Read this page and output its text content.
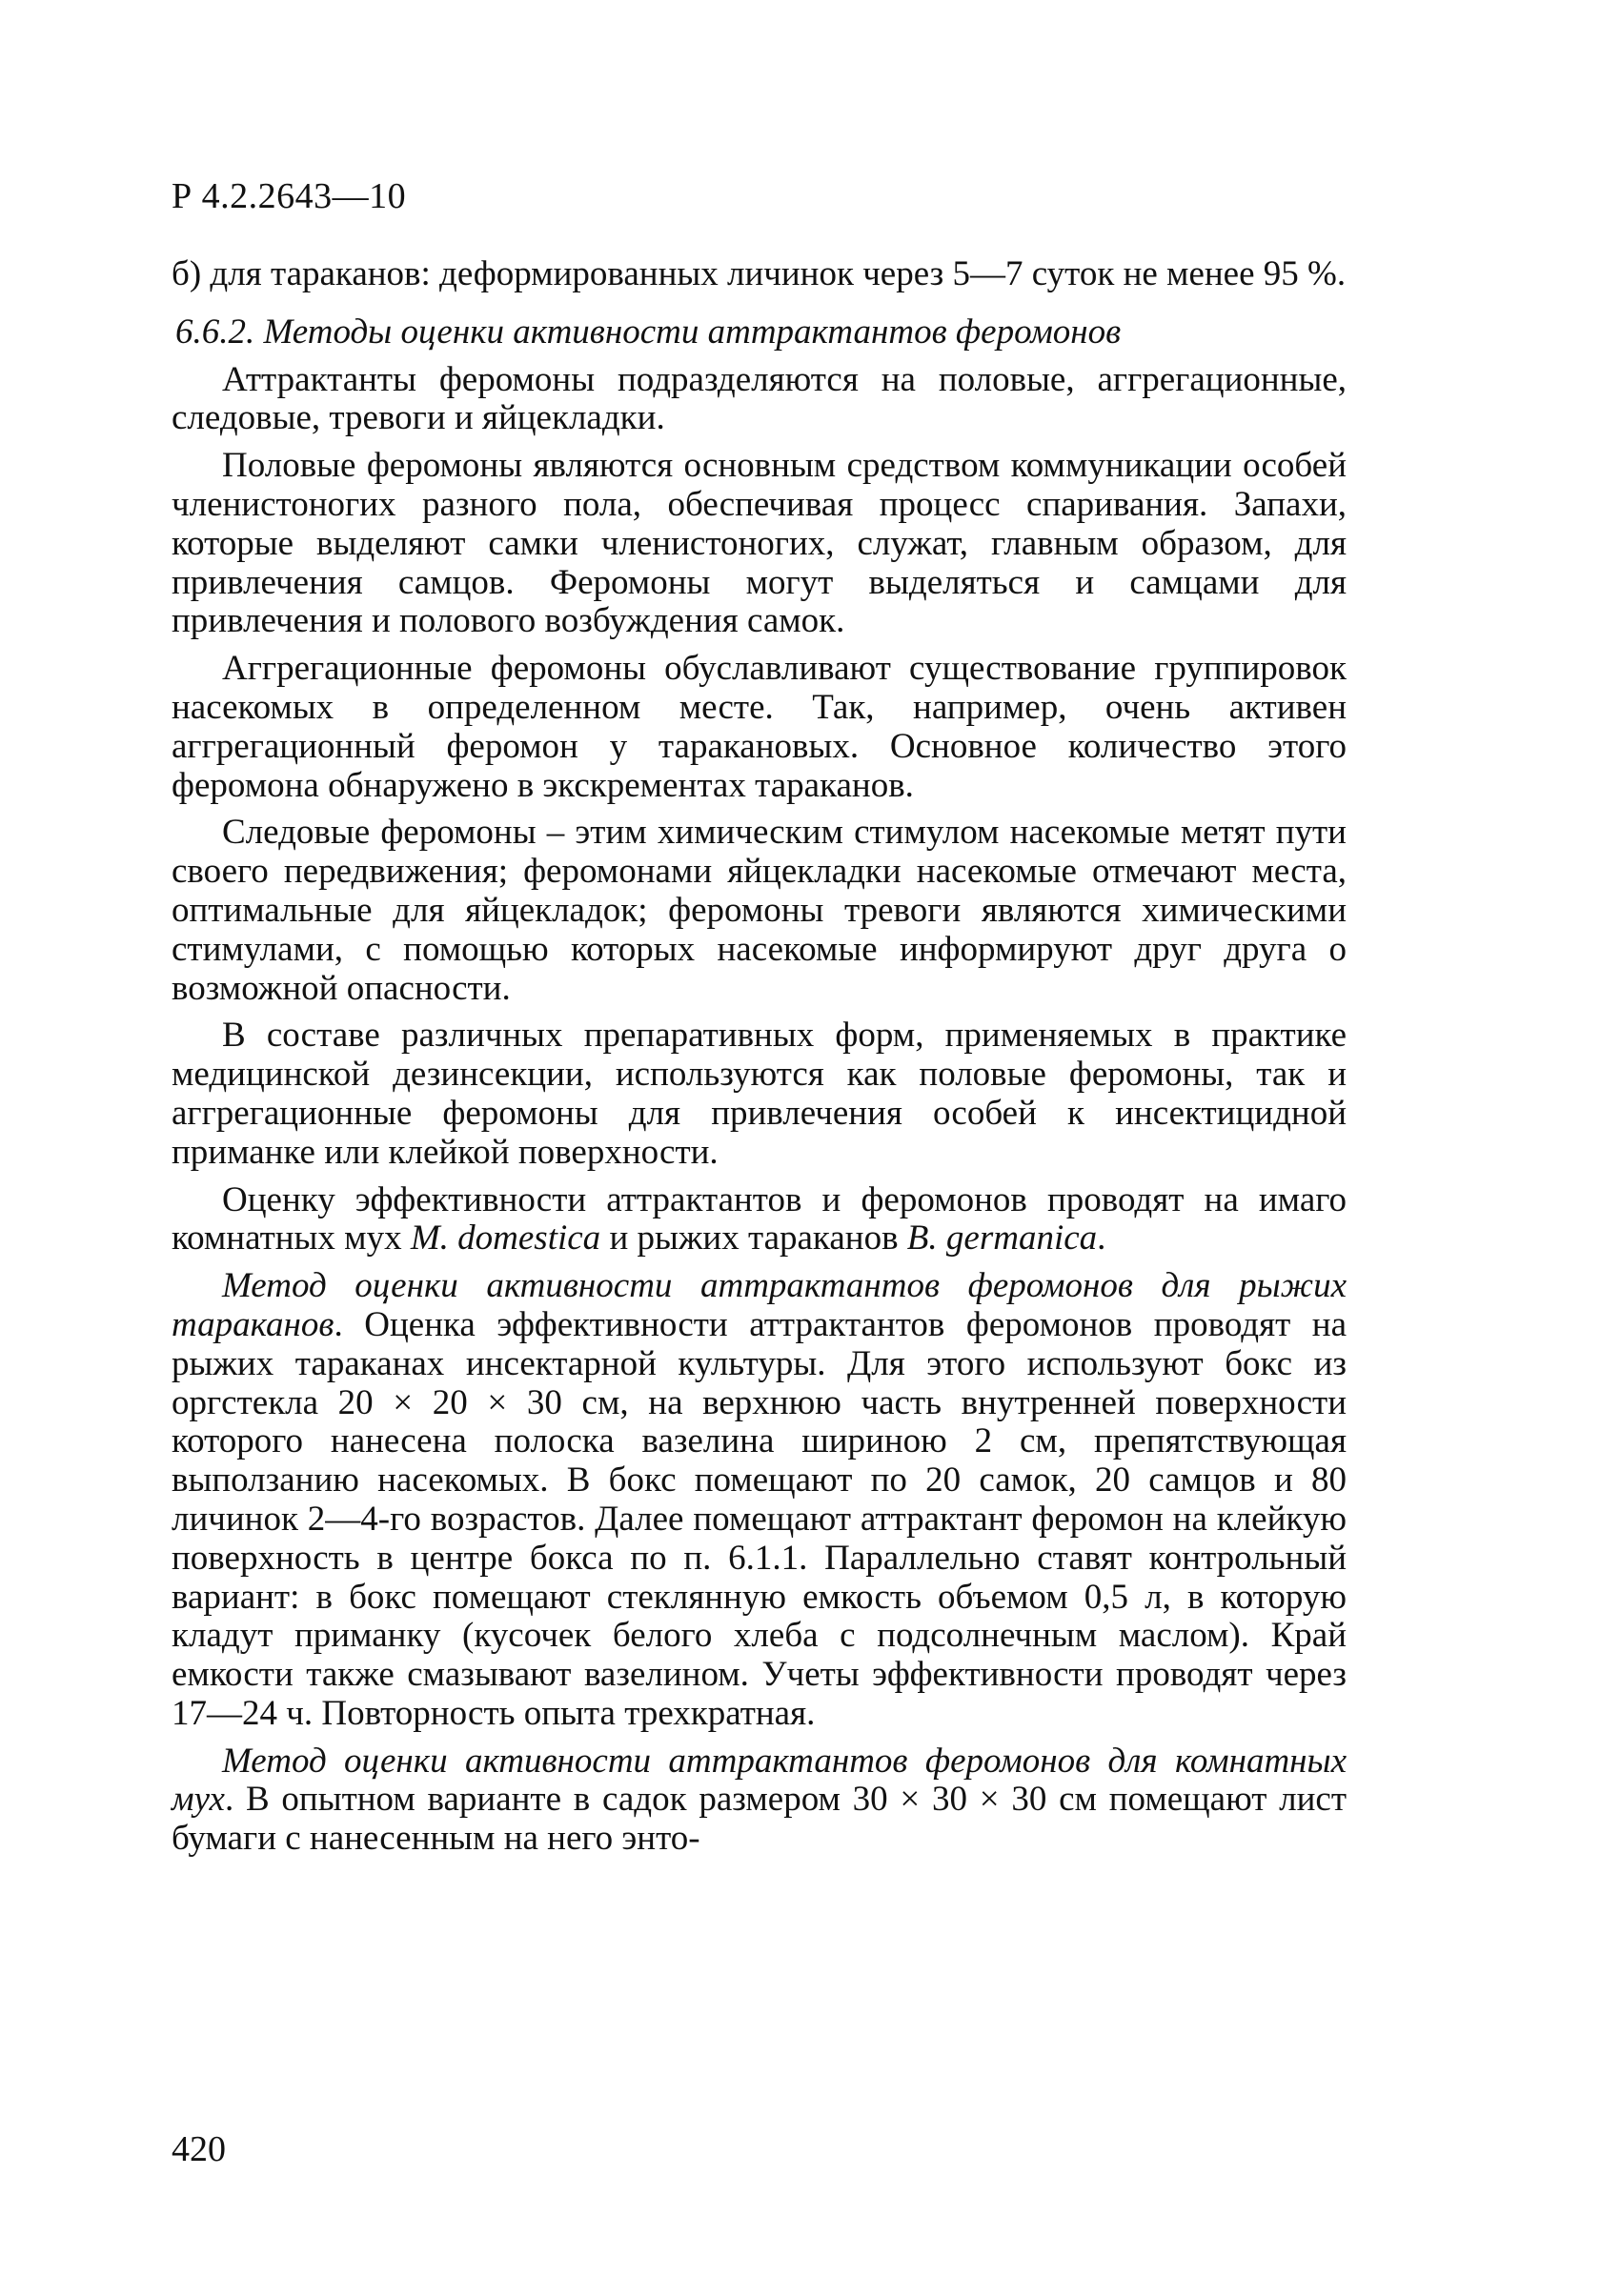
Р 4.2.2643—10

б) для тараканов: деформированных личинок через 5—7 суток не менее 95 %.

6.6.2. Методы оценки активности аттрактантов феромонов

Аттрактанты феромоны подразделяются на половые, аггрегационные, следовые, тревоги и яйцекладки.

Половые феромоны являются основным средством коммуникации особей членистоногих разного пола, обеспечивая процесс спаривания. Запахи, которые выделяют самки членистоногих, служат, главным образом, для привлечения самцов. Феромоны могут выделяться и самцами для привлечения и полового возбуждения самок.

Аггрегационные феромоны обуславливают существование группировок насекомых в определенном месте. Так, например, очень активен аггрегационный феромон у таракановых. Основное количество этого феромона обнаружено в экскрементах тараканов.

Следовые феромоны – этим химическим стимулом насекомые метят пути своего передвижения; феромонами яйцекладки насекомые отмечают места, оптимальные для яйцекладок; феромоны тревоги являются химическими стимулами, с помощью которых насекомые информируют друг друга о возможной опасности.

В составе различных препаративных форм, применяемых в практике медицинской дезинсекции, используются как половые феромоны, так и аггрегационные феромоны для привлечения особей к инсектицидной приманке или клейкой поверхности.

Оценку эффективности аттрактантов и феромонов проводят на имаго комнатных мух M. domestica и рыжих тараканов B. germanica.

Метод оценки активности аттрактантов феромонов для рыжих тараканов. Оценка эффективности аттрактантов феромонов проводят на рыжих тараканах инсектарной культуры. Для этого используют бокс из оргстекла 20 × 20 × 30 см, на верхнюю часть внутренней поверхности которого нанесена полоска вазелина шириною 2 см, препятствующая выползанию насекомых. В бокс помещают по 20 самок, 20 самцов и 80 личинок 2—4-го возрастов. Далее помещают аттрактант феромон на клейкую поверхность в центре бокса по п. 6.1.1. Параллельно ставят контрольный вариант: в бокс помещают стеклянную емкость объемом 0,5 л, в которую кладут приманку (кусочек белого хлеба с подсолнечным маслом). Край емкости также смазывают вазелином. Учеты эффективности проводят через 17—24 ч. Повторность опыта трехкратная.

Метод оценки активности аттрактантов феромонов для комнатных мух. В опытном варианте в садок размером 30 × 30 × 30 см помещают лист бумаги с нанесенным на него энто-

420
